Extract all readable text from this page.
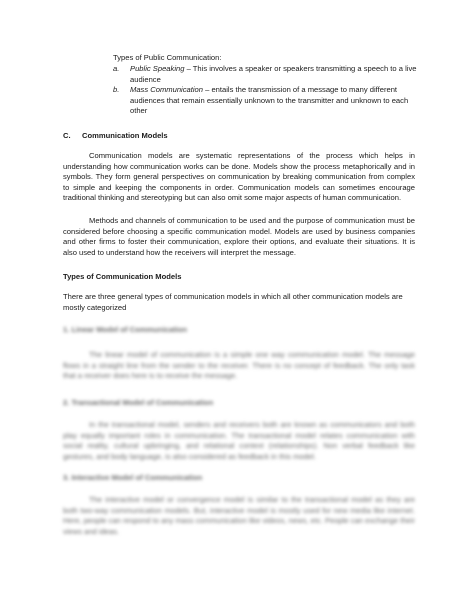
Types of Public Communication:

a. Public Speaking – This involves a speaker or speakers transmitting a speech to a live audience

b. Mass Communication – entails the transmission of a message to many different audiences that remain essentially unknown to the transmitter and unknown to each other

C. Communication Models

Communication models are systematic representations of the process which helps in understanding how communication works can be done. Models show the process metaphorically and in symbols. They form general perspectives on communication by breaking communication from complex to simple and keeping the components in order. Communication models can sometimes encourage traditional thinking and stereotyping but can also omit some major aspects of human communication.

Methods and channels of communication to be used and the purpose of communication must be considered before choosing a specific communication model. Models are used by business companies and other firms to foster their communication, explore their options, and evaluate their situations. It is also used to understand how the receivers will interpret the message.

Types of Communication Models

There are three general types of communication models in which all other communication models are mostly categorized

1. Linear Model of Communication

The linear model of communication is a simple one way communication model. The message flows in a straight line from the sender to the receiver. There is no concept of feedback. The only task that a receiver does here is to receive the message.

2. Transactional Model of Communication

In the transactional model, senders and receivers both are known as communicators and both play equally important roles in communication. The transactional model relates communication with social reality, cultural upbringing, and relational context (relationships). Non verbal feedback like gestures, and body language, is also considered as feedback in this model.

3. Interactive Model of Communication

The interactive model or convergence model is similar to the transactional model as they are both two-way communication models. But, interactive model is mostly used for new media like internet. Here, people can respond to any mass communication like videos, news, etc. People can exchange their views and ideas.
